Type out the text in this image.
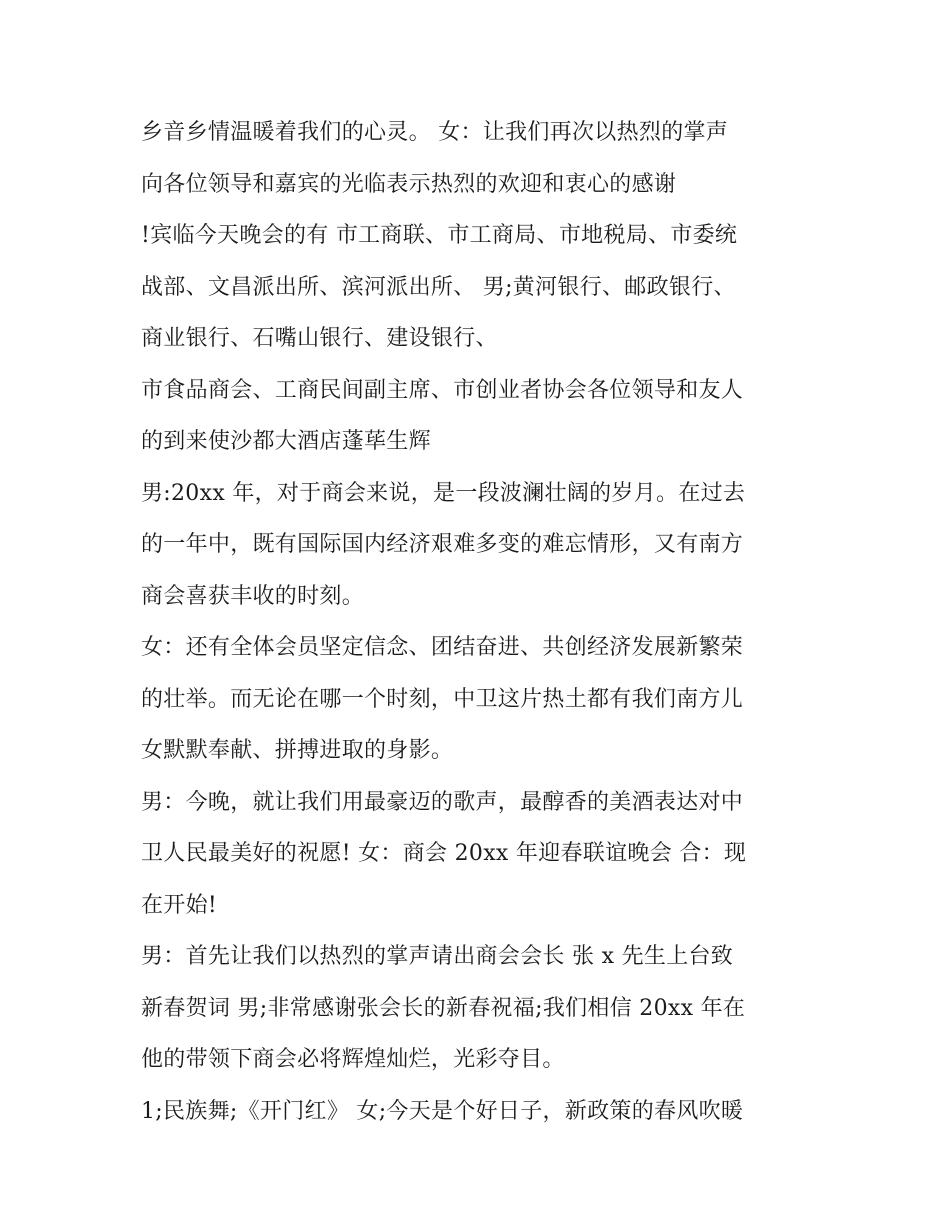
乡音乡情温暖着我们的心灵。 女：让我们再次以热烈的掌声
向各位领导和嘉宾的光临表示热烈的欢迎和衷心的感谢
!宾临今天晚会的有 市工商联、市工商局、市地税局、市委统
战部、文昌派出所、滨河派出所、 男;黄河银行、邮政银行、
商业银行、石嘴山银行、建设银行、
市食品商会、工商民间副主席、市创业者协会各位领导和友人
的到来使沙都大酒店蓬荜生辉
男:20xx 年，对于商会来说，是一段波澜壮阔的岁月。在过去
的一年中，既有国际国内经济艰难多变的难忘情形，又有南方
商会喜获丰收的时刻。
女：还有全体会员坚定信念、团结奋进、共创经济发展新繁荣
的壮举。而无论在哪一个时刻，中卫这片热土都有我们南方儿
女默默奉献、拼搏进取的身影。
男：今晚，就让我们用最豪迈的歌声，最醇香的美酒表达对中
卫人民最美好的祝愿! 女：商会 20xx 年迎春联谊晚会 合：现
在开始!
男：首先让我们以热烈的掌声请出商会会长 张 x 先生上台致
新春贺词 男;非常感谢张会长的新春祝福;我们相信 20xx 年在
他的带领下商会必将辉煌灿烂，光彩夺目。
1;民族舞;《开门红》 女;今天是个好日子，新政策的春风吹暖
